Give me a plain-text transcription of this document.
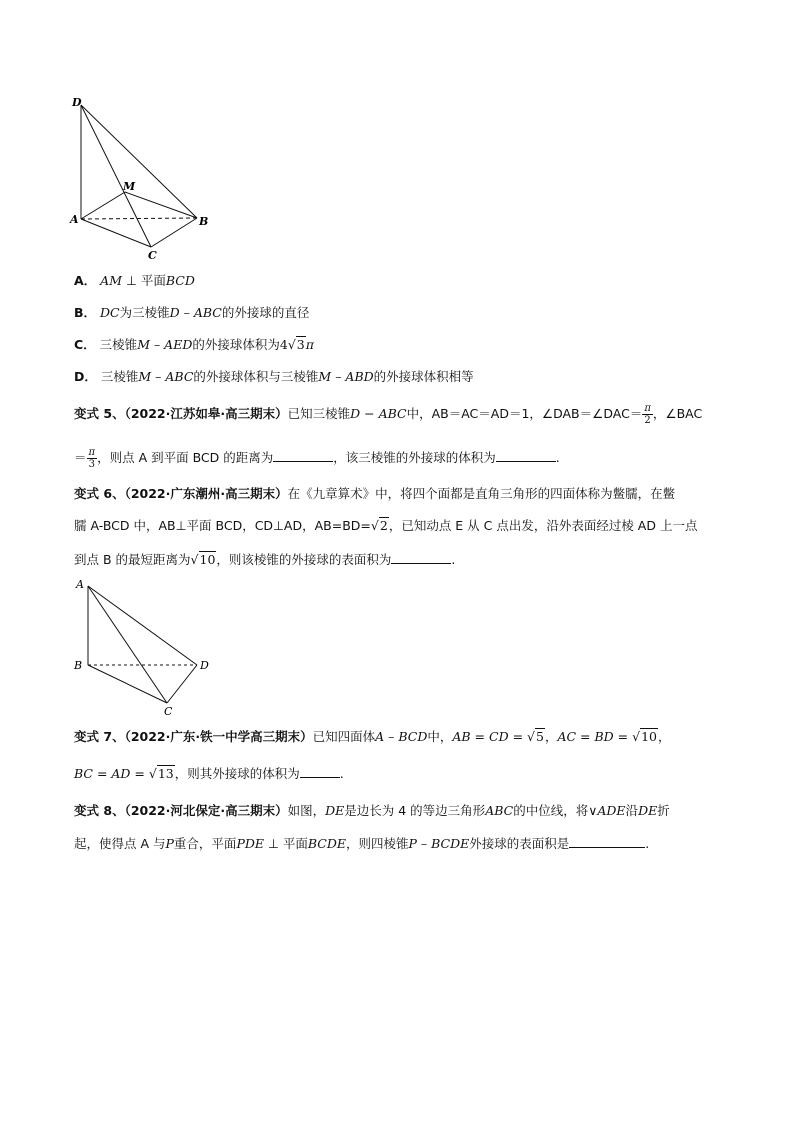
D
M
A	B
C
A． AM ⊥ 平面BCD
B． DC为三棱锥D – ABC的外接球的直径
C． 三棱锥M – AED的外接球体积为4√3π
D． 三棱锥M – ABC的外接球体积与三棱锥M – ABD的外接球体积相等
变式 5、（2022·江苏如皋·高三期末）已知三棱锥D − ABC中，AB＝AC＝AD＝1，∠DAB＝∠DAC＝ $\frac{\pi}{2}$ ，∠BAC
＝ $\frac{\pi}{3}$ ，则点 A 到平面 BCD 的距离为	，该三棱锥的外接球的体积为	.
变式 6、（2022·广东潮州·高三期末）在《九章算术》中，将四个面都是直角三角形的四面体称为鳖臑，在鳖
臑 A-BCD 中，AB⊥平面 BCD，CD⊥AD，AB=BD=√2，已知动点 E 从 C 点出发，沿外表面经过棱 AD 上一点
到点 B 的最短距离为√10，则该棱锥的外接球的表面积为	.
A
B
C
D
变式 7、（2022·广东·铁一中学高三期末）已知四面体A – BCD中，AB = CD = √5，AC = BD = √10，
BC = AD = √13，则其外接球的体积为	.
变式 8、（2022·河北保定·高三期末）如图，DE是边长为 4 的等边三角形ABC的中位线，将∨ADE沿DE折
起，使得点 A 与P重合，平面PDE ⊥ 平面BCDE，则四棱锥P – BCDE外接球的表面积是	.
